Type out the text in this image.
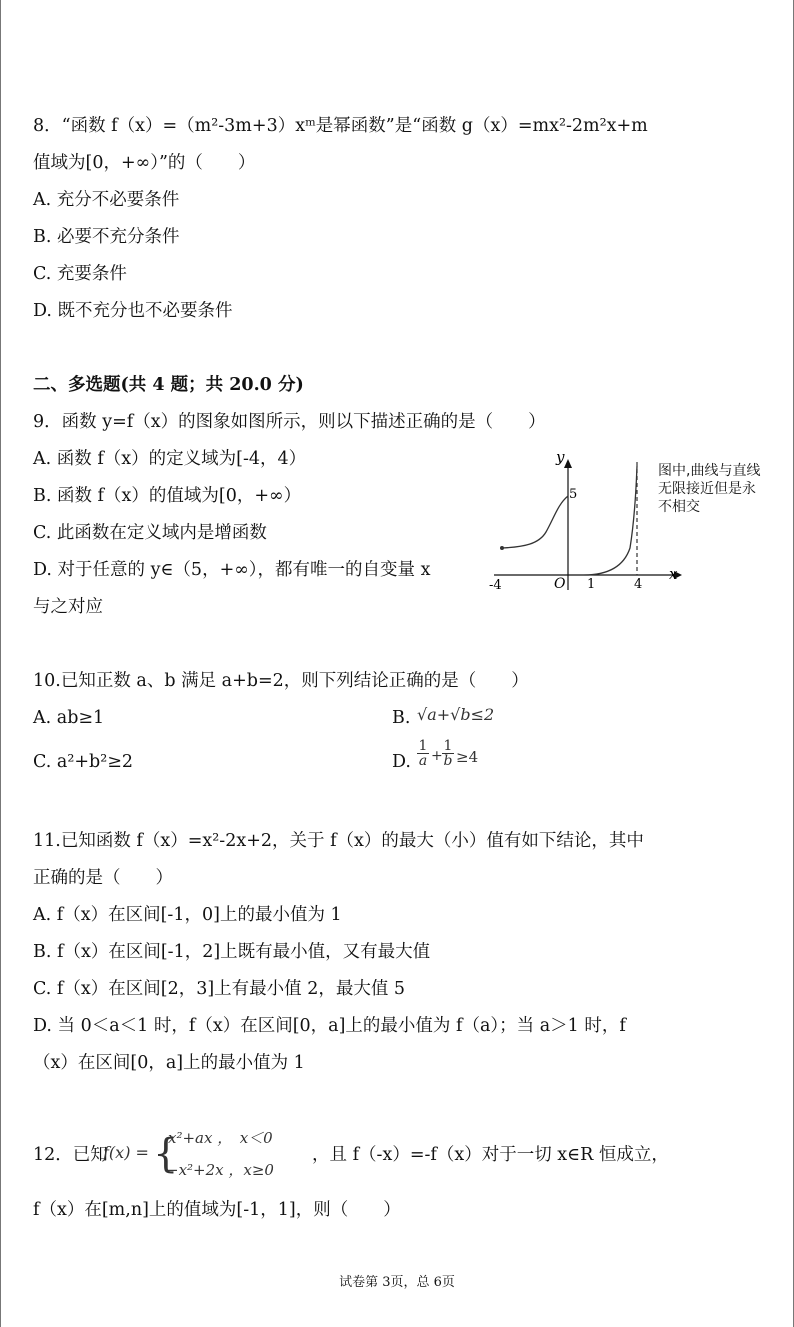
8．“函数 f（x）=（m²-3m+3）xᵐ是幂函数”是“函数 g（x）=mx²-2m²x+m
值域为[0，+∞）”的（　　）
A. 充分不必要条件
B. 必要不充分条件
C. 充要条件
D. 既不充分也不必要条件
二、多选题(共 4 题；共 20.0 分)
9．函数 y=f（x）的图象如图所示，则以下描述正确的是（　　）
A. 函数 f（x）的定义域为[-4，4）
B. 函数 f（x）的值域为[0，+∞）
C. 此函数在定义域内是增函数
D. 对于任意的 y∈（5，+∞），都有唯一的自变量 x
与之对应
y
x
O
5
-4	1	4
图中,曲线与直线
无限接近但是永
不相交
10.已知正数 a、b 满足 a+b=2，则下列结论正确的是（　　）
A. ab≥1	B. √a+√b≤2
C. a²+b²≥2	D.
1
a +
1
b ≥4
11.已知函数 f（x）=x²-2x+2，关于 f（x）的最大（小）值有如下结论，其中
正确的是（　　）
A. f（x）在区间[-1，0]上的最小值为 1
B. f（x）在区间[-1，2]上既有最小值，又有最大值
C. f（x）在区间[2，3]上有最小值 2，最大值 5
D. 当 0＜a＜1 时，f（x）在区间[0，a]上的最小值为 f（a）；当 a＞1 时，f
（x）在区间[0，a]上的最小值为 1
12．已知
f(x) = {
x²+ax ，　x＜0
−x²+2x ，x≥0
，且 f（-x）=-f（x）对于一切 x∈R 恒成立，
f（x）在[m,n]上的值域为[-1，1]，则（　　）
试卷第 3页，总 6页
